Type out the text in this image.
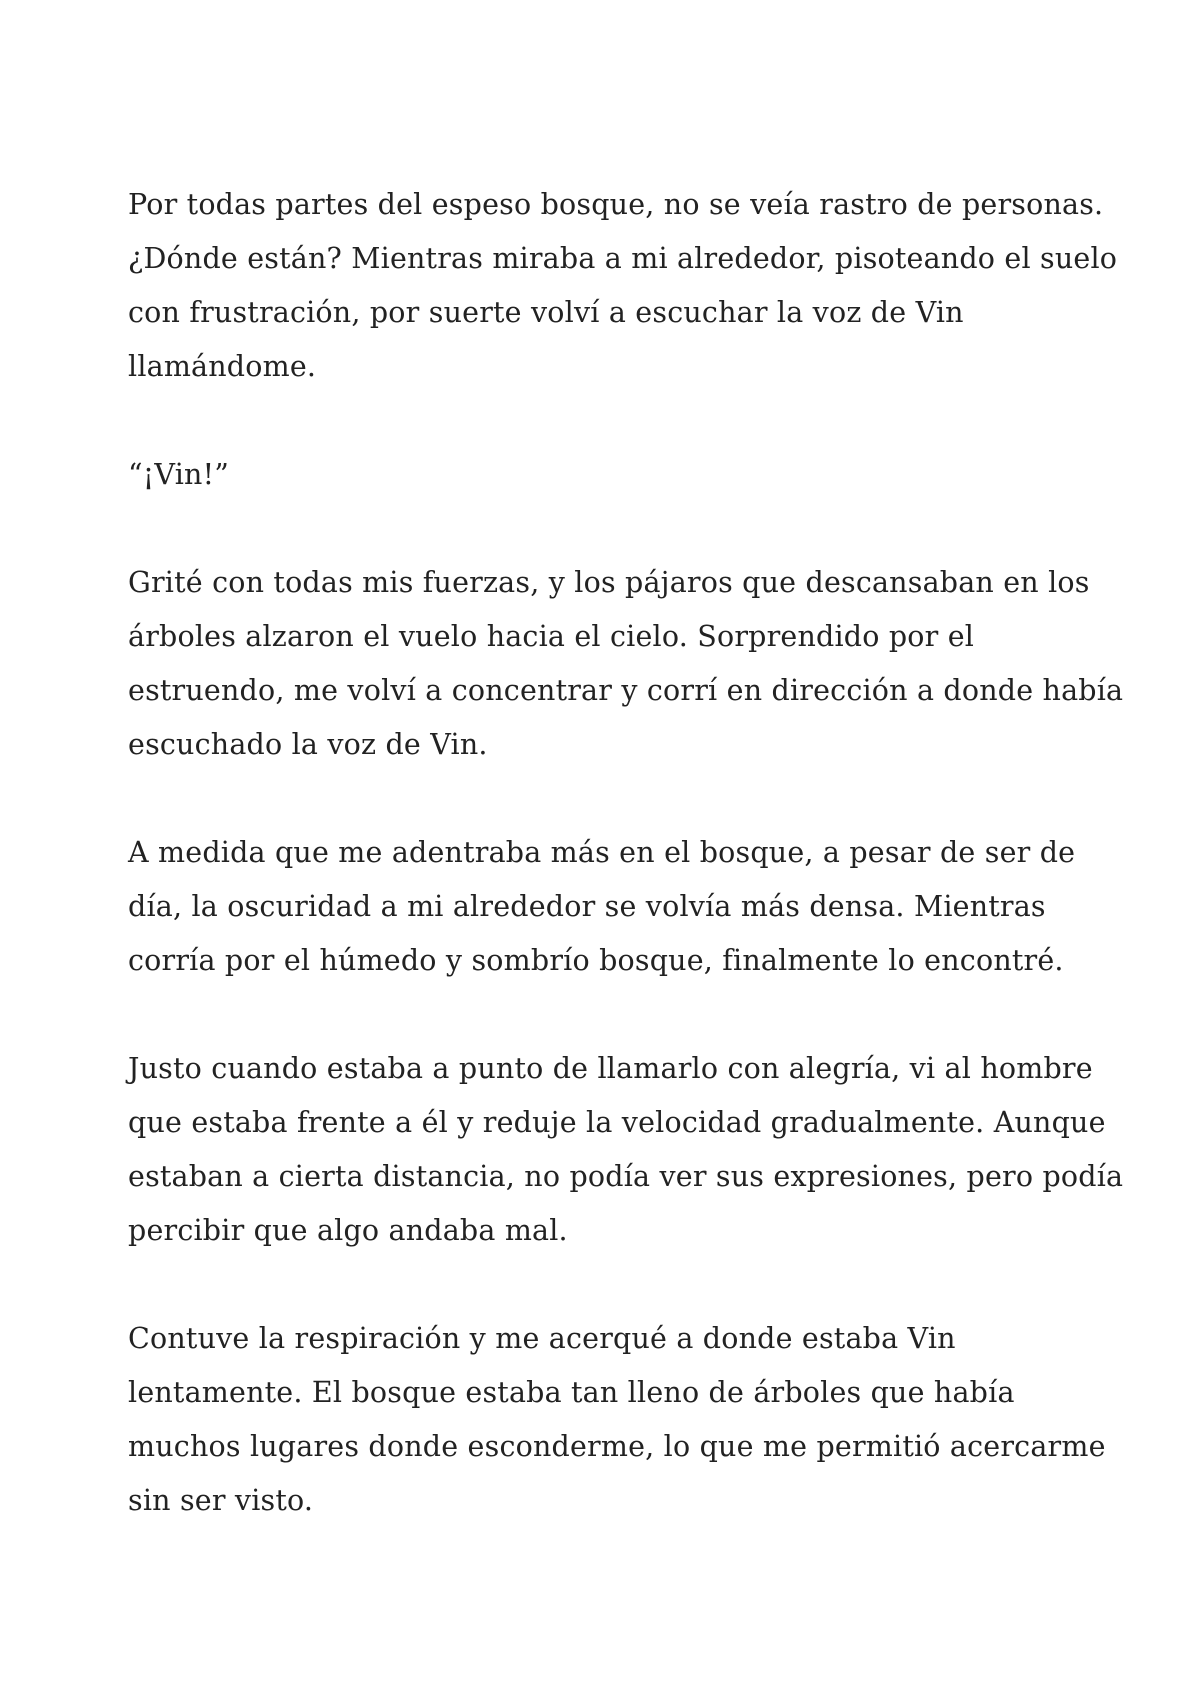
Por todas partes del espeso bosque, no se veía rastro de personas.
¿Dónde están? Mientras miraba a mi alrededor, pisoteando el suelo
con frustración, por suerte volví a escuchar la voz de Vin
llamándome.

“¡Vin!”

Grité con todas mis fuerzas, y los pájaros que descansaban en los
árboles alzaron el vuelo hacia el cielo. Sorprendido por el
estruendo, me volví a concentrar y corrí en dirección a donde había
escuchado la voz de Vin.

A medida que me adentraba más en el bosque, a pesar de ser de
día, la oscuridad a mi alrededor se volvía más densa. Mientras
corría por el húmedo y sombrío bosque, finalmente lo encontré.

Justo cuando estaba a punto de llamarlo con alegría, vi al hombre
que estaba frente a él y reduje la velocidad gradualmente. Aunque
estaban a cierta distancia, no podía ver sus expresiones, pero podía
percibir que algo andaba mal.

Contuve la respiración y me acerqué a donde estaba Vin
lentamente. El bosque estaba tan lleno de árboles que había
muchos lugares donde esconderme, lo que me permitió acercarme
sin ser visto.
